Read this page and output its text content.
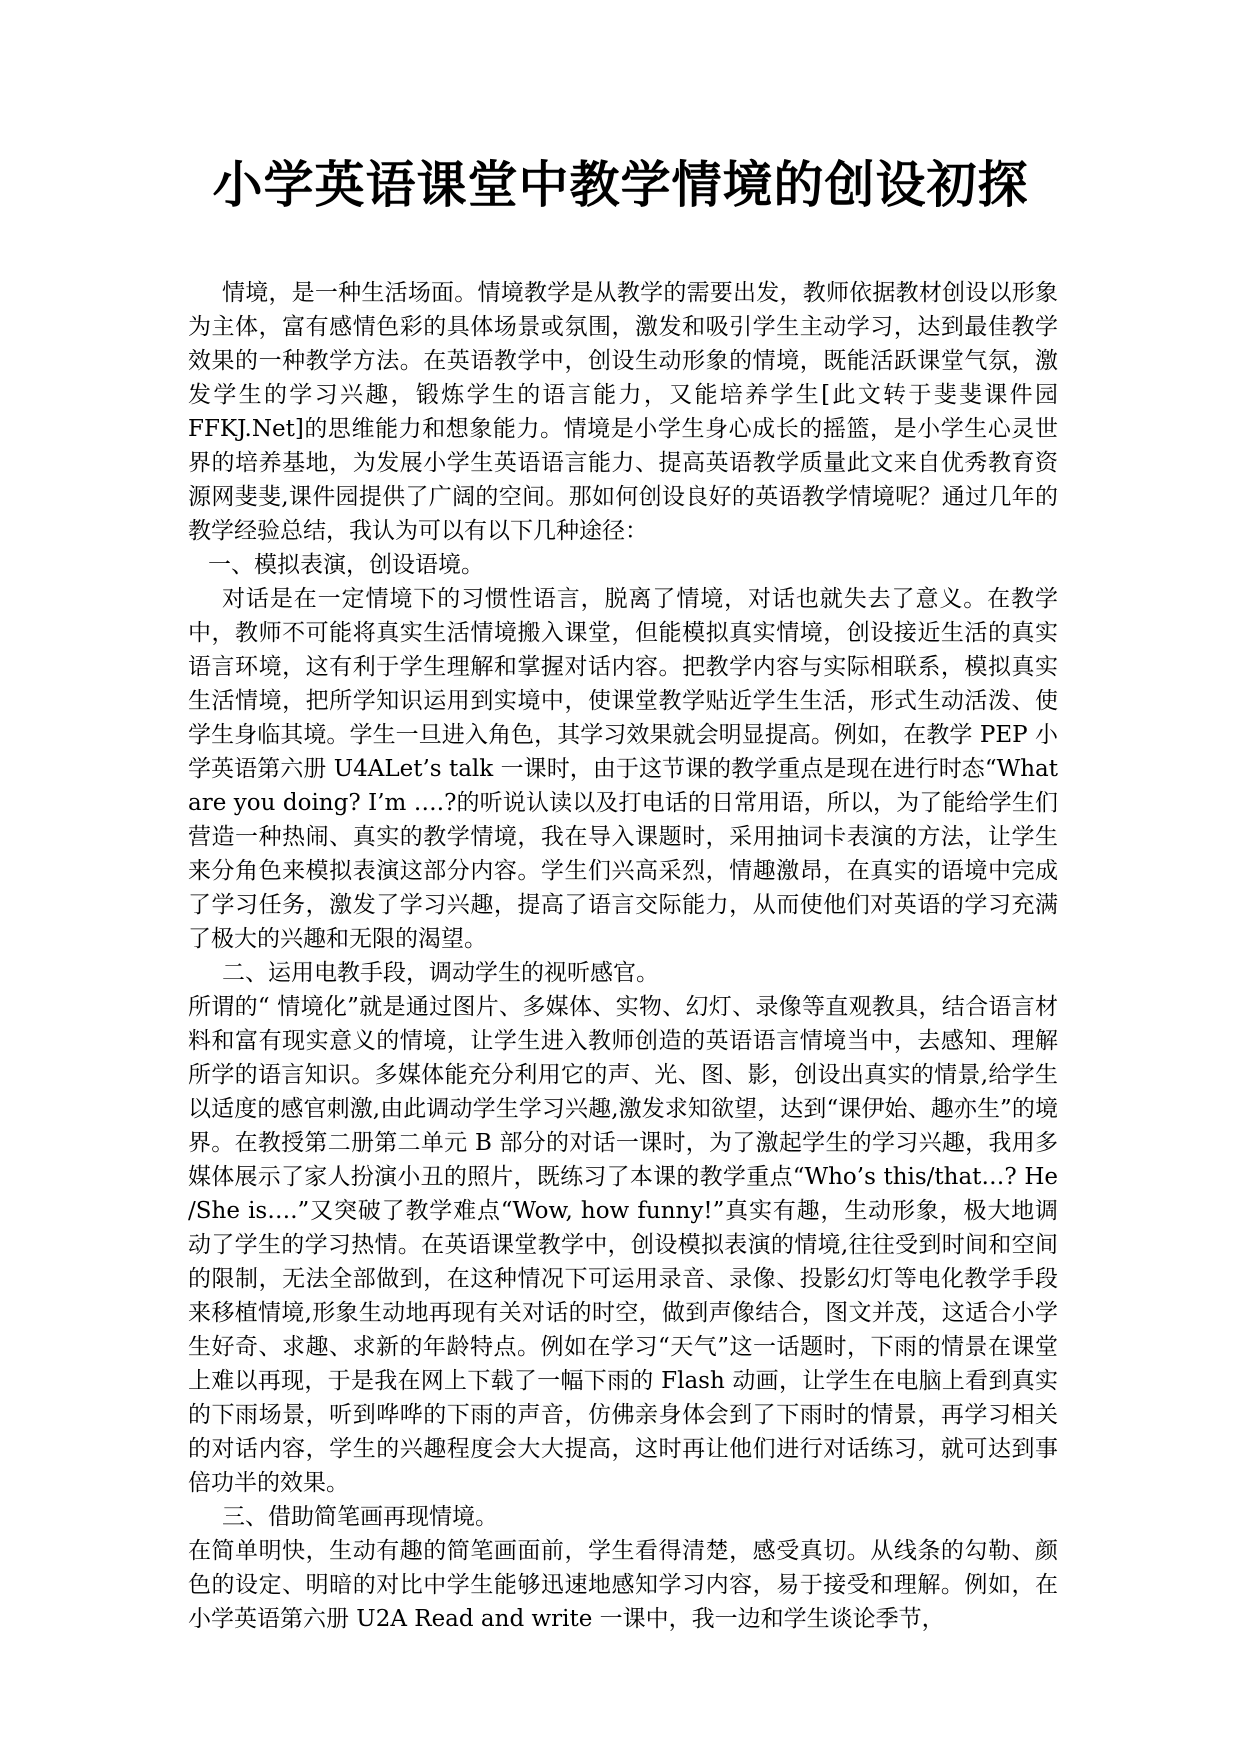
小学英语课堂中教学情境的创设初探

情境，是一种生活场面。情境教学是从教学的需要出发，教师依据教材创设以形象为主体，富有感情色彩的具体场景或氛围，激发和吸引学生主动学习，达到最佳教学效果的一种教学方法。在英语教学中，创设生动形象的情境，既能活跃课堂气氛，激发学生的学习兴趣，锻炼学生的语言能力，又能培养学生[此文转于斐斐课件园 FFKJ.Net]的思维能力和想象能力。情境是小学生身心成长的摇篮，是小学生心灵世界的培养基地，为发展小学生英语语言能力、提高英语教学质量此文来自优秀教育资源网斐斐,课件园提供了广阔的空间。那如何创设良好的英语教学情境呢？通过几年的教学经验总结，我认为可以有以下几种途径：

一、模拟表演，创设语境。

对话是在一定情境下的习惯性语言，脱离了情境，对话也就失去了意义。在教学中，教师不可能将真实生活情境搬入课堂，但能模拟真实情境，创设接近生活的真实语言环境，这有利于学生理解和掌握对话内容。把教学内容与实际相联系，模拟真实生活情境，把所学知识运用到实境中，使课堂教学贴近学生生活，形式生动活泼、使学生身临其境。学生一旦进入角色，其学习效果就会明显提高。例如，在教学 PEP 小学英语第六册 U4ALet’s talk 一课时，由于这节课的教学重点是现在进行时态“What are you doing? I’m ….?的听说认读以及打电话的日常用语，所以，为了能给学生们营造一种热闹、真实的教学情境，我在导入课题时，采用抽词卡表演的方法，让学生来分角色来模拟表演这部分内容。学生们兴高采烈，情趣激昂，在真实的语境中完成了学习任务，激发了学习兴趣，提高了语言交际能力，从而使他们对英语的学习充满了极大的兴趣和无限的渴望。

二、运用电教手段，调动学生的视听感官。

所谓的“ 情境化”就是通过图片、多媒体、实物、幻灯、录像等直观教具，结合语言材料和富有现实意义的情境，让学生进入教师创造的英语语言情境当中，去感知、理解所学的语言知识。多媒体能充分利用它的声、光、图、影，创设出真实的情景,给学生以适度的感官刺激,由此调动学生学习兴趣,激发求知欲望，达到“课伊始、趣亦生”的境界。在教授第二册第二单元 B 部分的对话一课时，为了激起学生的学习兴趣，我用多媒体展示了家人扮演小丑的照片，既练习了本课的教学重点“Who’s this/that…? He /She is….”又突破了教学难点“Wow, how funny!”真实有趣，生动形象，极大地调动了学生的学习热情。在英语课堂教学中，创设模拟表演的情境,往往受到时间和空间的限制，无法全部做到，在这种情况下可运用录音、录像、投影幻灯等电化教学手段来移植情境,形象生动地再现有关对话的时空，做到声像结合，图文并茂，这适合小学生好奇、求趣、求新的年龄特点。例如在学习“天气”这一话题时，下雨的情景在课堂上难以再现，于是我在网上下载了一幅下雨的 Flash 动画，让学生在电脑上看到真实的下雨场景，听到哗哗的下雨的声音，仿佛亲身体会到了下雨时的情景，再学习相关的对话内容，学生的兴趣程度会大大提高，这时再让他们进行对话练习，就可达到事倍功半的效果。

三、借助简笔画再现情境。

在简单明快，生动有趣的简笔画面前，学生看得清楚，感受真切。从线条的勾勒、颜色的设定、明暗的对比中学生能够迅速地感知学习内容，易于接受和理解。例如，在小学英语第六册 U2A Read and write 一课中，我一边和学生谈论季节，
